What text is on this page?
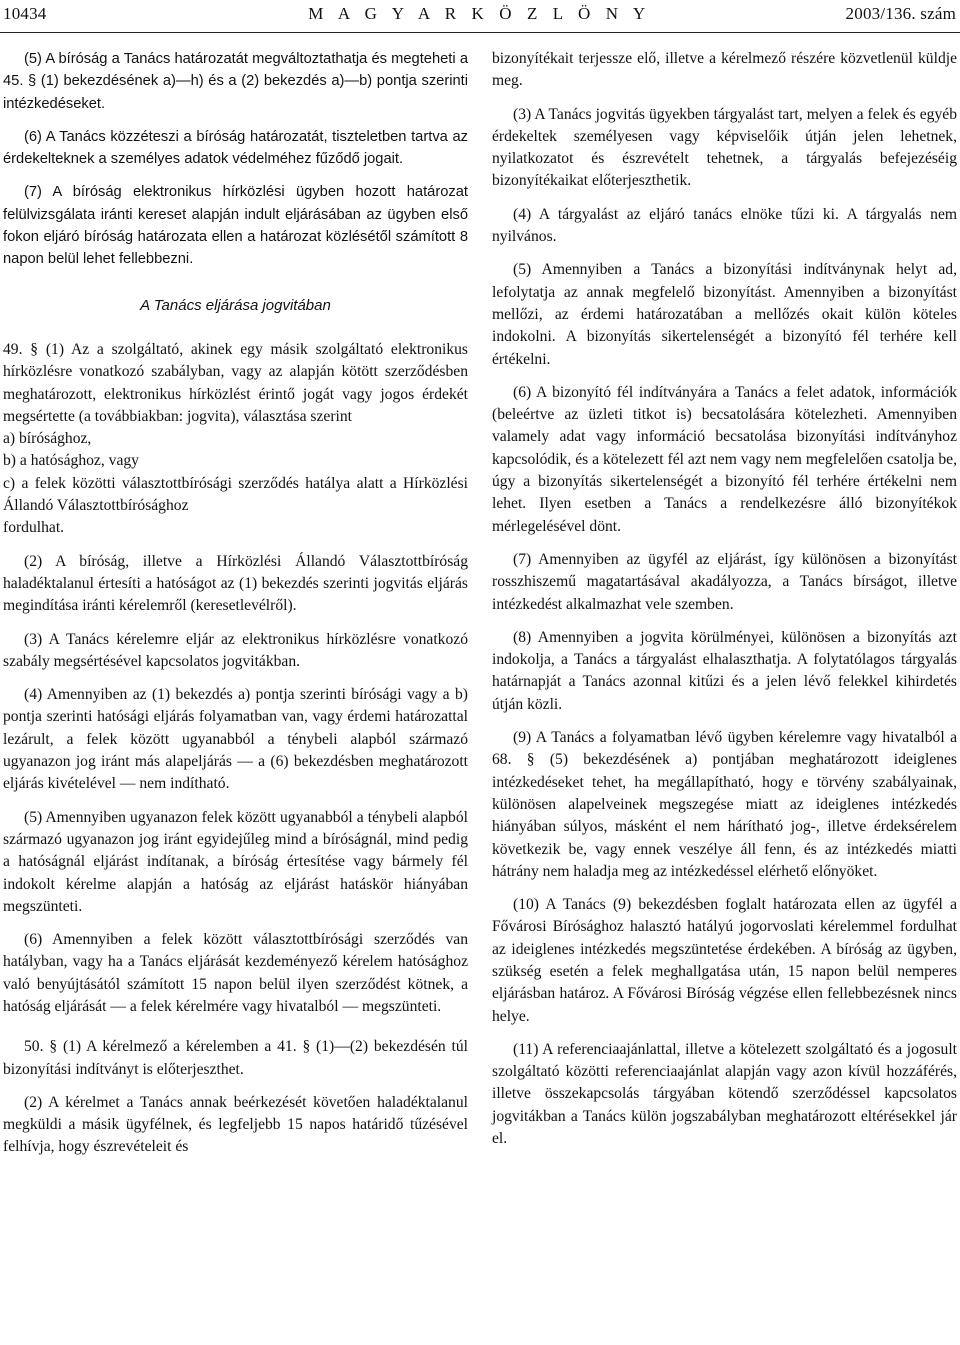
10434	M A G Y A R K Ö Z L Ö N Y	2003/136. szám

(5) A bíróság a Tanács határozatát megváltoztathatja és megteheti a 45. § (1) bekezdésének a)—h) és a (2) bekezdés a)—b) pontja szerinti intézkedéseket.

(6) A Tanács közzéteszi a bíróság határozatát, tiszteletben tartva az érdekelteknek a személyes adatok védelméhez fűződő jogait.

(7) A bíróság elektronikus hírközlési ügyben hozott határozat felülvizsgálata iránti kereset alapján indult eljárásában az ügyben első fokon eljáró bíróság határozata ellen a határozat közlésétől számított 8 napon belül lehet fellebbezni.

A Tanács eljárása jogvitában

49. § (1) Az a szolgáltató, akinek egy másik szolgáltató elektronikus hírközlésre vonatkozó szabályban, vagy az alapján kötött szerződésben meghatározott, elektronikus hírközlést érintő jogát vagy jogos érdekét megsértette (a továbbiakban: jogvita), választása szerint

a) bírósághoz,

b) a hatósághoz, vagy

c) a felek közötti választottbírósági szerződés hatálya alatt a Hírközlési Állandó Választottbírósághoz

fordulhat.

(2) A bíróság, illetve a Hírközlési Állandó Választottbíróság haladéktalanul értesíti a hatóságot az (1) bekezdés szerinti jogvitás eljárás megindítása iránti kérelemről (keresetlevélről).

(3) A Tanács kérelemre eljár az elektronikus hírközlésre vonatkozó szabály megsértésével kapcsolatos jogvitákban.

(4) Amennyiben az (1) bekezdés a) pontja szerinti bírósági vagy a b) pontja szerinti hatósági eljárás folyamatban van, vagy érdemi határozattal lezárult, a felek között ugyanabból a ténybeli alapból származó ugyanazon jog iránt más alapeljárás — a (6) bekezdésben meghatározott eljárás kivételével — nem indítható.

(5) Amennyiben ugyanazon felek között ugyanabból a ténybeli alapból származó ugyanazon jog iránt egyidejűleg mind a bíróságnál, mind pedig a hatóságnál eljárást indítanak, a bíróság értesítése vagy bármely fél indokolt kérelme alapján a hatóság az eljárást hatáskör hiányában megszünteti.

(6) Amennyiben a felek között választottbírósági szerződés van hatályban, vagy ha a Tanács eljárását kezdeményező kérelem hatósághoz való benyújtásától számított 15 napon belül ilyen szerződést kötnek, a hatóság eljárását — a felek kérelmére vagy hivatalból — megszünteti.

50. § (1) A kérelmező a kérelemben a 41. § (1)—(2) bekezdésén túl bizonyítási indítványt is előterjeszthet.

(2) A kérelmet a Tanács annak beérkezését követően haladéktalanul megküldi a másik ügyfélnek, és legfeljebb 15 napos határidő tűzésével felhívja, hogy észrevételeit és

bizonyítékait terjessze elő, illetve a kérelmező részére közvetlenül küldje meg.

(3) A Tanács jogvitás ügyekben tárgyalást tart, melyen a felek és egyéb érdekeltek személyesen vagy képviselőik útján jelen lehetnek, nyilatkozatot és észrevételt tehetnek, a tárgyalás befejezéséig bizonyítékaikat előterjeszthetik.

(4) A tárgyalást az eljáró tanács elnöke tűzi ki. A tárgyalás nem nyilvános.

(5) Amennyiben a Tanács a bizonyítási indítványnak helyt ad, lefolytatja az annak megfelelő bizonyítást. Amennyiben a bizonyítást mellőzi, az érdemi határozatában a mellőzés okait külön köteles indokolni. A bizonyítás sikertelenségét a bizonyító fél terhére kell értékelni.

(6) A bizonyító fél indítványára a Tanács a felet adatok, információk (beleértve az üzleti titkot is) becsatolására kötelezheti. Amennyiben valamely adat vagy információ becsatolása bizonyítási indítványhoz kapcsolódik, és a kötelezett fél azt nem vagy nem megfelelően csatolja be, úgy a bizonyítás sikertelenségét a bizonyító fél terhére értékelni nem lehet. Ilyen esetben a Tanács a rendelkezésre álló bizonyítékok mérlegelésével dönt.

(7) Amennyiben az ügyfél az eljárást, így különösen a bizonyítást rosszhiszemű magatartásával akadályozza, a Tanács bírságot, illetve intézkedést alkalmazhat vele szemben.

(8) Amennyiben a jogvita körülményei, különösen a bizonyítás azt indokolja, a Tanács a tárgyalást elhalaszthatja. A folytatólagos tárgyalás határnapját a Tanács azonnal kitűzi és a jelen lévő felekkel kihirdetés útján közli.

(9) A Tanács a folyamatban lévő ügyben kérelemre vagy hivatalból a 68. § (5) bekezdésének a) pontjában meghatározott ideiglenes intézkedéseket tehet, ha megállapítható, hogy e törvény szabályainak, különösen alapelveinek megszegése miatt az ideiglenes intézkedés hiányában súlyos, másként el nem hárítható jog-, illetve érdeksérelem következik be, vagy ennek veszélye áll fenn, és az intézkedés miatti hátrány nem haladja meg az intézkedéssel elérhető előnyöket.

(10) A Tanács (9) bekezdésben foglalt határozata ellen az ügyfél a Fővárosi Bírósághoz halasztó hatályú jogorvoslati kérelemmel fordulhat az ideiglenes intézkedés megszüntetése érdekében. A bíróság az ügyben, szükség esetén a felek meghallgatása után, 15 napon belül nemperes eljárásban határoz. A Fővárosi Bíróság végzése ellen fellebbezésnek nincs helye.

(11) A referenciaajánlattal, illetve a kötelezett szolgáltató és a jogosult szolgáltató közötti referenciaajánlat alapján vagy azon kívül hozzáférés, illetve összekapcsolás tárgyában kötendő szerződéssel kapcsolatos jogvitákban a Tanács külön jogszabályban meghatározott eltérésekkel jár el.
